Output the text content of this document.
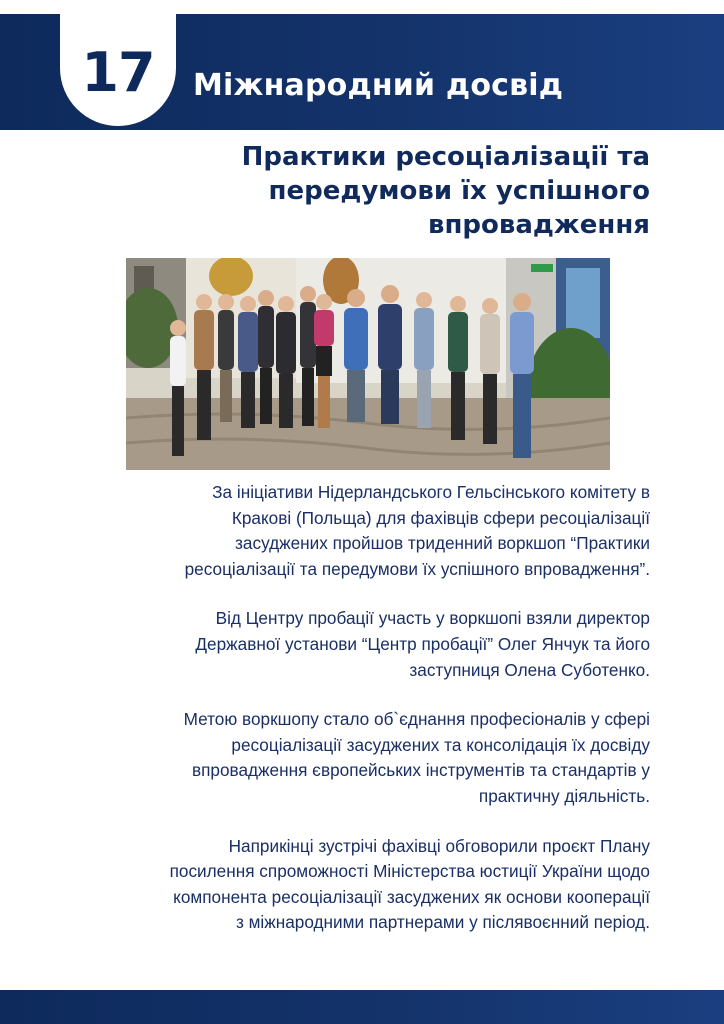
17 Міжнародний досвід
Практики ресоціалізації та
передумови їх успішного
впровадження

За ініціативи Нідерландського Гельсінського комітету в
Кракові (Польща) для фахівців сфери ресоціалізації
засуджених пройшов триденний воркшоп “Практики
ресоціалізації та передумови їх успішного впровадження”.

Від Центру пробації участь у воркшопі взяли директор
Державної установи “Центр пробації” Олег Янчук та його
заступниця Олена Суботенко.

Метою воркшопу стало об`єднання професіоналів у сфері
ресоціалізації засуджених та консолідація їх досвіду
впровадження європейських інструментів та стандартів у
практичну діяльність.

Наприкінці зустрічі фахівці обговорили проєкт Плану
посилення спроможності Міністерства юстиції України щодо
компонента ресоціалізації засуджених як основи кооперації
з міжнародними партнерами у післявоєнний період.
